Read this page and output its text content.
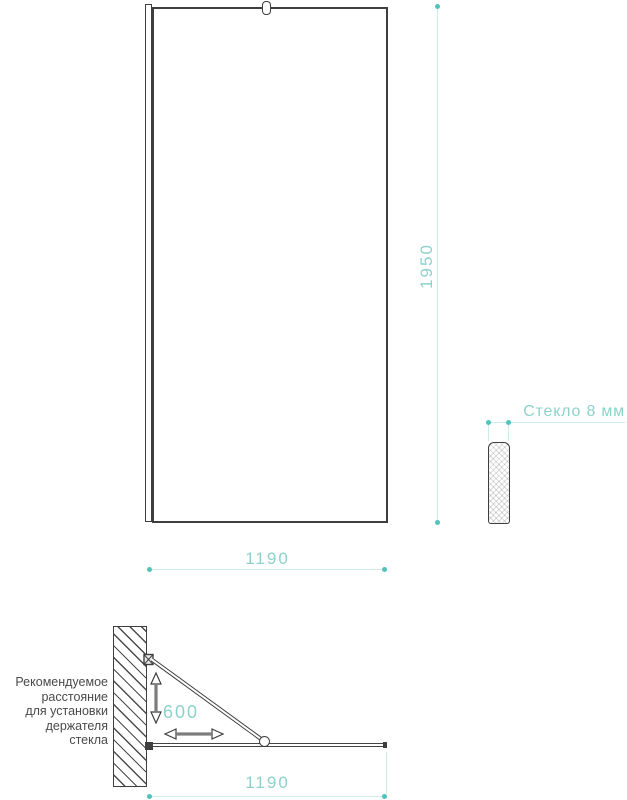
1950
1190
Стекло 8 мм
Рекомендуемое
расстояние
для установки
держателя стекла
600
1190
